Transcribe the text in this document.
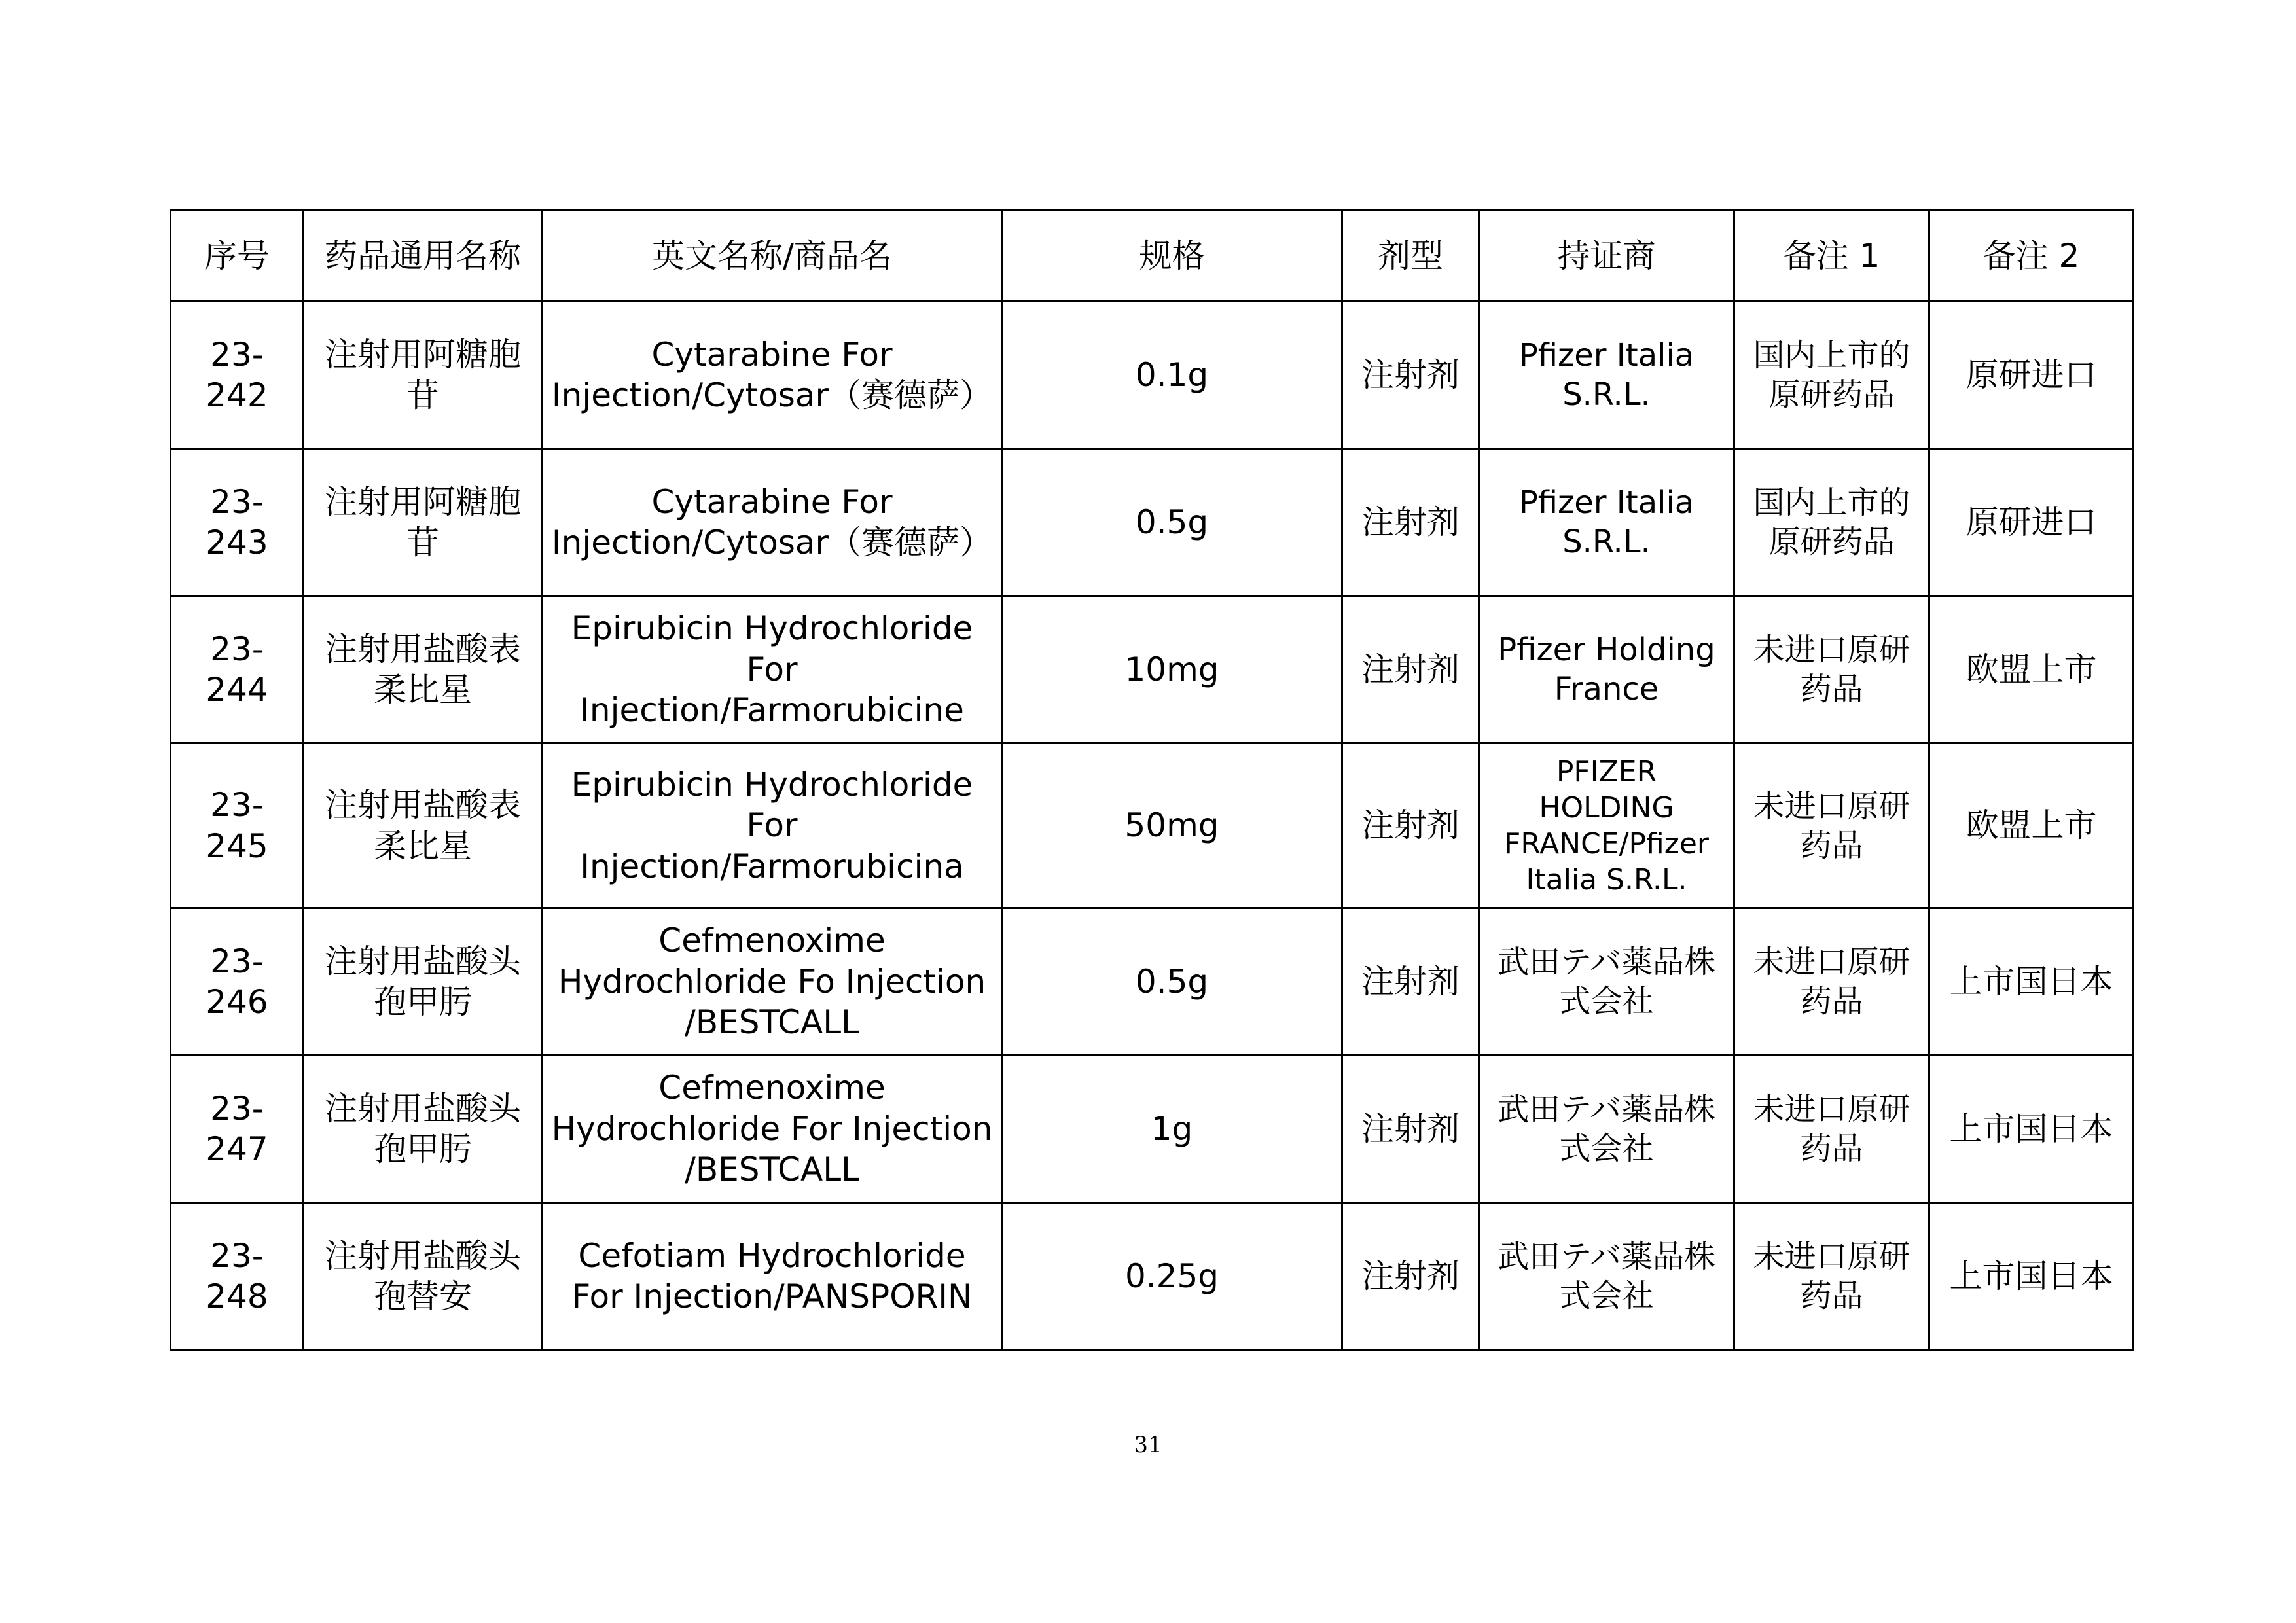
序号	药品通用名称	英文名称/商品名	规格	剂型	持证商	备注 1	备注 2
23-242	注射用阿糖胞苷	Cytarabine For Injection/Cytosar（赛德萨）	0.1g	注射剂	Pfizer Italia S.R.L.	国内上市的原研药品	原研进口
23-243	注射用阿糖胞苷	Cytarabine For Injection/Cytosar（赛德萨）	0.5g	注射剂	Pfizer Italia S.R.L.	国内上市的原研药品	原研进口
23-244	注射用盐酸表柔比星	Epirubicin Hydrochloride For Injection/Farmorubicine	10mg	注射剂	Pfizer Holding France	未进口原研药品	欧盟上市
23-245	注射用盐酸表柔比星	Epirubicin Hydrochloride For Injection/Farmorubicina	50mg	注射剂	PFIZER HOLDING FRANCE/Pfizer Italia S.R.L.	未进口原研药品	欧盟上市
23-246	注射用盐酸头孢甲肟	Cefmenoxime Hydrochloride Fo Injection /BESTCALL	0.5g	注射剂	武田テバ薬品株式会社	未进口原研药品	上市国日本
23-247	注射用盐酸头孢甲肟	Cefmenoxime Hydrochloride For Injection /BESTCALL	1g	注射剂	武田テバ薬品株式会社	未进口原研药品	上市国日本
23-248	注射用盐酸头孢替安	Cefotiam Hydrochloride For Injection/PANSPORIN	0.25g	注射剂	武田テバ薬品株式会社	未进口原研药品	上市国日本
31
